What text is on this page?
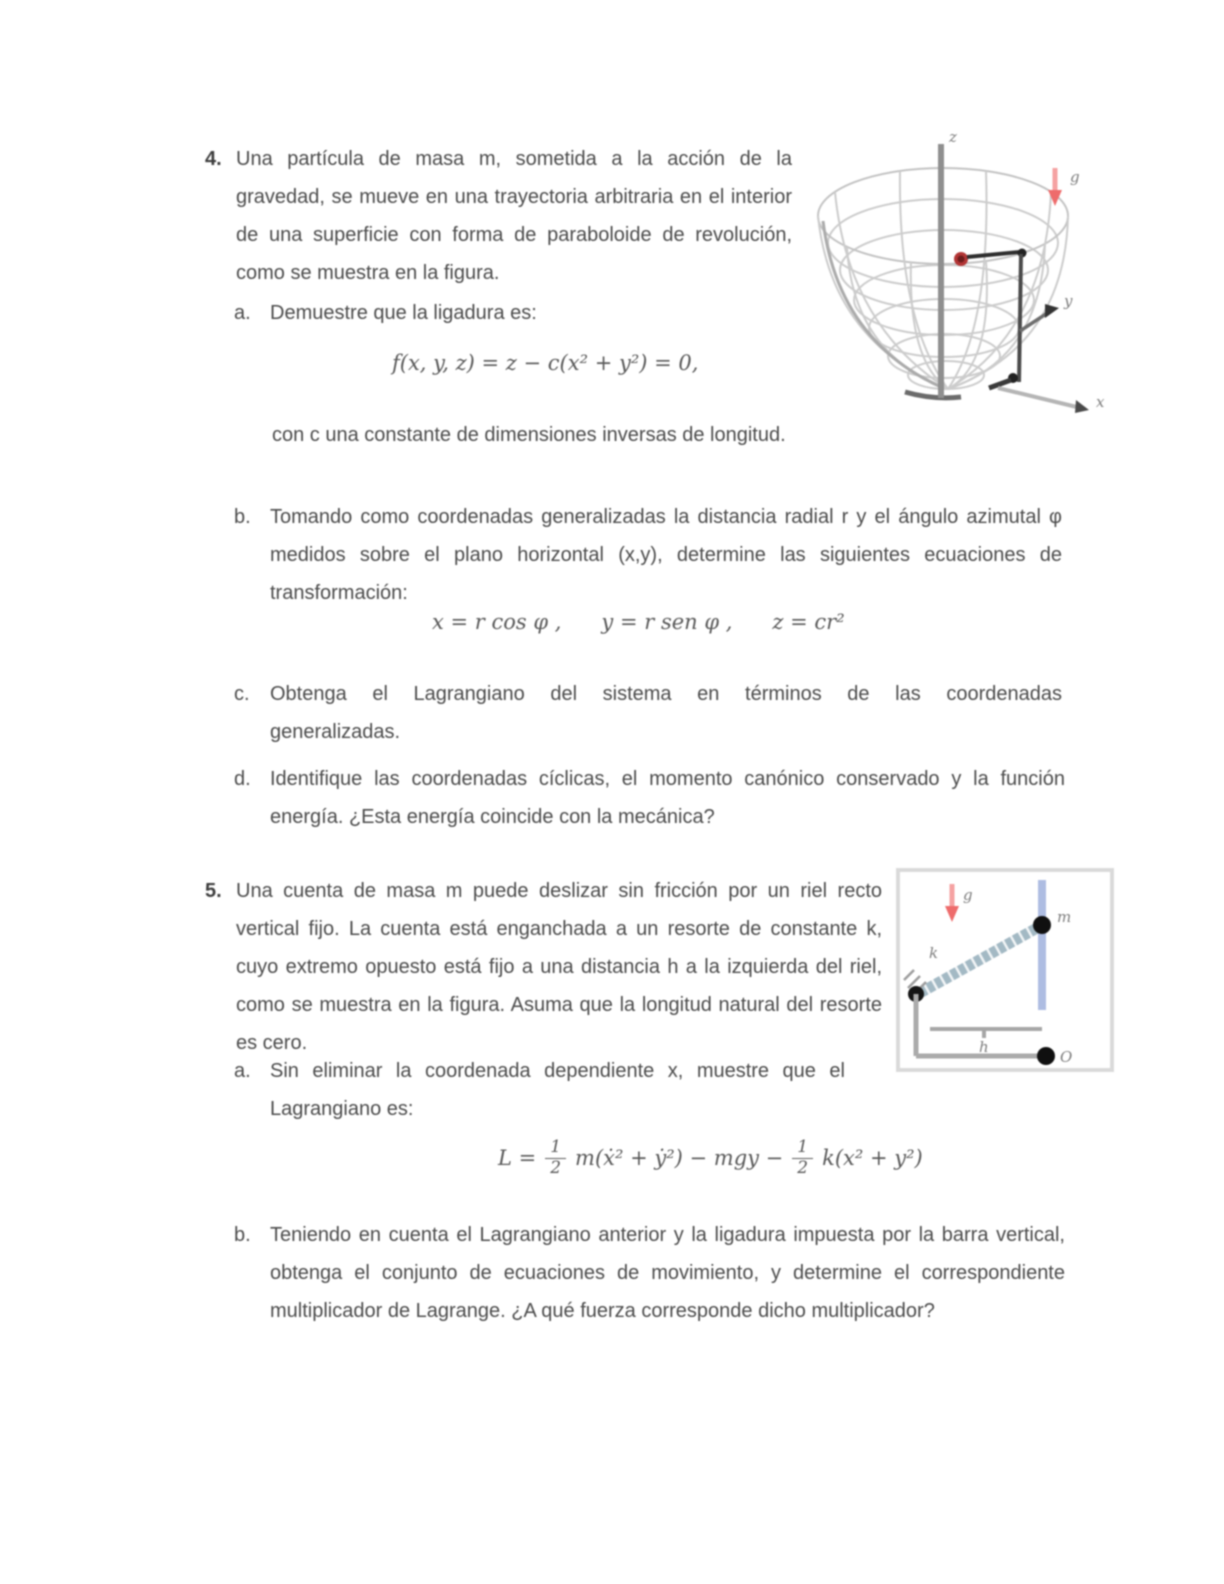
4. Una partícula de masa m, sometida a la acción de la gravedad, se mueve en una trayectoria arbitraria en el interior de una superficie con forma de paraboloide de revolución, como se muestra en la figura.
z
g
y
x
a. Demuestre que la ligadura es:
f(x, y, z) = z − c(x² + y²) = 0,
con c una constante de dimensiones inversas de longitud.
b. Tomando como coordenadas generalizadas la distancia radial r y el ángulo azimutal φ medidos sobre el plano horizontal (x,y), determine las siguientes ecuaciones de transformación:
x = r cos φ , y = r sen φ , z = cr²
c. Obtenga el Lagrangiano del sistema en términos de las coordenadas generalizadas.
d. Identifique las coordenadas cíclicas, el momento canónico conservado y la función energía. ¿Esta energía coincide con la mecánica?
5. Una cuenta de masa m puede deslizar sin fricción por un riel recto vertical fijo. La cuenta está enganchada a un resorte de constante k, cuyo extremo opuesto está fijo a una distancia h a la izquierda del riel, como se muestra en la figura. Asuma que la longitud natural del resorte es cero.
g
k
m
h
O
a. Sin eliminar la coordenada dependiente x, muestre que el Lagrangiano es:
$L = \frac{1}{2}$ m(ẋ² + ẏ²) − mgy − $\frac{1}{2} k(x^2 + y^2)$
b. Teniendo en cuenta el Lagrangiano anterior y la ligadura impuesta por la barra vertical, obtenga el conjunto de ecuaciones de movimiento, y determine el correspondiente multiplicador de Lagrange. ¿A qué fuerza corresponde dicho multiplicador?
